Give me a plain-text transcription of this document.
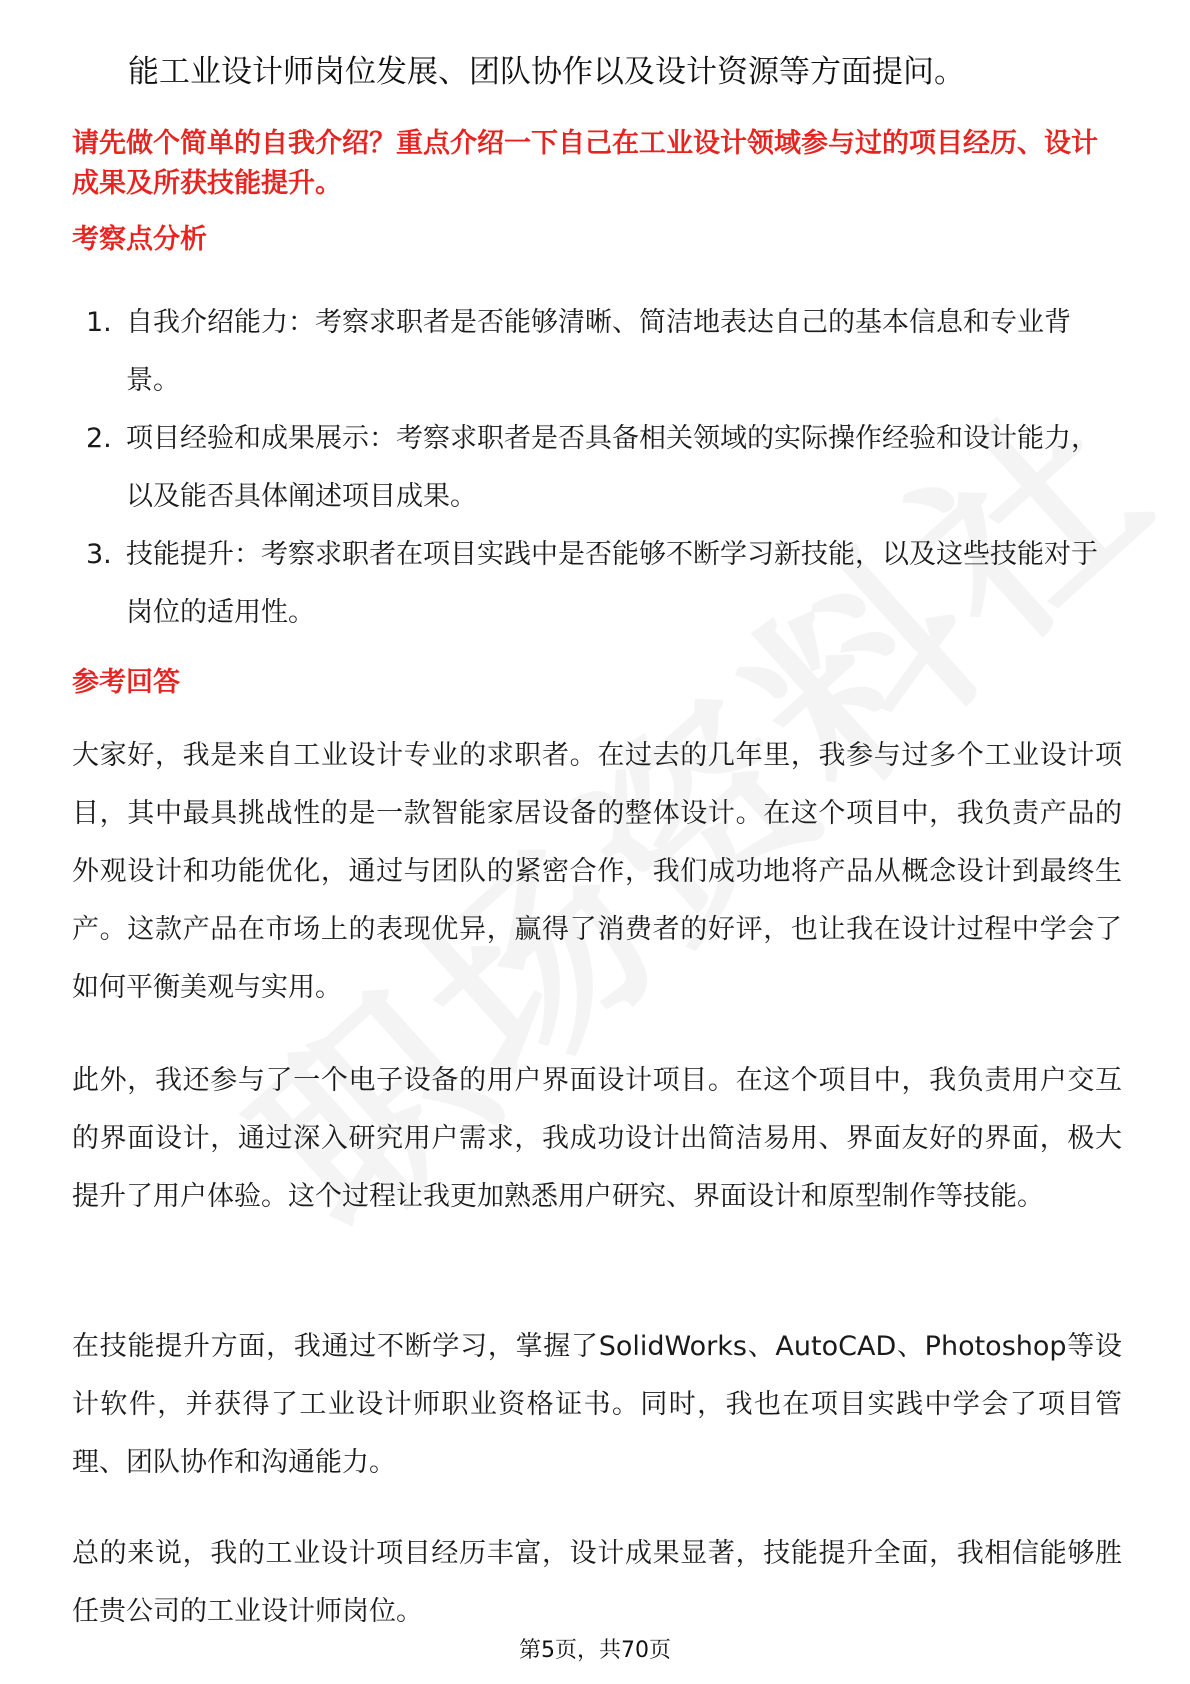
能工业设计师岗位发展、团队协作以及设计资源等方面提问。
请先做个简单的自我介绍？重点介绍一下自己在工业设计领域参与过的项目经历、设计成果及所获技能提升。
考察点分析
1. 自我介绍能力：考察求职者是否能够清晰、简洁地表达自己的基本信息和专业背景。
2. 项目经验和成果展示：考察求职者是否具备相关领域的实际操作经验和设计能力，以及能否具体阐述项目成果。
3. 技能提升：考察求职者在项目实践中是否能够不断学习新技能，以及这些技能对于岗位的适用性。
参考回答

大家好，我是来自工业设计专业的求职者。在过去的几年里，我参与过多个工业设计项目，其中最具挑战性的是一款智能家居设备的整体设计。在这个项目中，我负责产品的外观设计和功能优化，通过与团队的紧密合作，我们成功地将产品从概念设计到最终生产。这款产品在市场上的表现优异，赢得了消费者的好评，也让我在设计过程中学会了如何平衡美观与实用。

此外，我还参与了一个电子设备的用户界面设计项目。在这个项目中，我负责用户交互的界面设计，通过深入研究用户需求，我成功设计出简洁易用、界面友好的界面，极大提升了用户体验。这个过程让我更加熟悉用户研究、界面设计和原型制作等技能。

在技能提升方面，我通过不断学习，掌握了SolidWorks、AutoCAD、Photoshop等设计软件，并获得了工业设计师职业资格证书。同时，我也在项目实践中学会了项目管理、团队协作和沟通能力。

总的来说，我的工业设计项目经历丰富，设计成果显著，技能提升全面，我相信能够胜任贵公司的工业设计师岗位。

第5页，共70页
